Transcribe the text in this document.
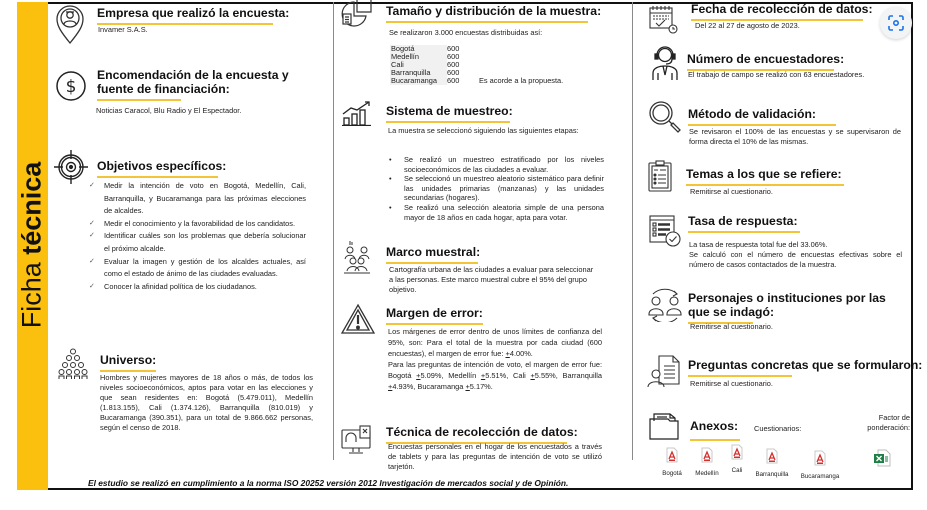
Ficha técnica
Empresa que realizó la encuesta:
Invamer S.A.S.
$
Encomendación de la encuesta y fuente de financiación:
Noticias Caracol, Blu Radio y El Espectador.
Objetivos específicos:
✓ Medir la intención de voto en Bogotá, Medellín, Cali, Barranquilla, y Bucaramanga para las próximas elecciones de alcaldes.
✓ Medir el conocimiento y la favorabilidad de los candidatos.
✓ Identificar cuáles son los problemas que debería solucionar el próximo alcalde.
✓ Evaluar la imagen y gestión de los alcaldes actuales, así como el estado de ánimo de las ciudades evaluadas.
✓ Conocer la afinidad política de los ciudadanos.
Universo:
Hombres y mujeres mayores de 18 años o más, de todos los niveles socioeconómicos, aptos para votar en las elecciones y que sean residentes en: Bogotá (5.479.011), Medellín (1.813.155), Cali (1.374.126), Barranquilla (810.019) y Bucaramanga (390.351), para un total de 9.866.662 personas, según el censo de 2018.
Tamaño y distribución de la muestra:
Se realizaron 3.000 encuestas distribuidas así:
Bogotá	600	
Medellín	600	
Cali	600	
Barranquilla	600	
Bucaramanga	600	Es acorde a la propuesta.
Sistema de muestreo:
La muestra se seleccionó siguiendo las siguientes etapas:
• Se realizó un muestreo estratificado por los niveles socioeconómicos de las ciudades a evaluar.
• Se seleccionó un muestreo aleatorio sistemático para definir las unidades primarias (manzanas) y las unidades secundarias (hogares).
• Se realizó una selección aleatoria simple de una persona mayor de 18 años en cada hogar, apta para votar.
Marco muestral:
Cartografía urbana de las ciudades a evaluar para seleccionar a las personas. Este marco muestral cubre el 95% del grupo objetivo.
Margen de error:
Los márgenes de error dentro de unos límites de confianza del 95%, son: Para el total de la muestra por cada ciudad (600 encuestas), el margen de error fue: +4.00%.
Para las preguntas de intención de voto, el margen de error fue: Bogotá +5.09%, Medellín +5.51%, Cali +5.55%, Barranquilla +4.93%, Bucaramanga +5.17%.
Técnica de recolección de datos:
Encuestas personales en el hogar de los encuestados a través de tablets y para las preguntas de intención de voto se utilizó tarjetón.
Fecha de recolección de datos:
Del 22 al 27 de agosto de 2023.
Número de encuestadores:
El trabajo de campo se realizó con 63 encuestadores.
Método de validación:
Se revisaron el 100% de las encuestas y se supervisaron de forma directa el 10% de las mismas.
Temas a los que se refiere:
Remitirse al cuestionario.
Tasa de respuesta:
La tasa de respuesta total fue del 33.06%.
Se calculó con el número de encuestas efectivas sobre el número de casos contactados de la muestra.
Personajes o instituciones por las que se indagó:
Remitirse al cuestionario.
Preguntas concretas que se formularon:
Remitirse al cuestionario.
Anexos:	Cuestionarios:
Factor de ponderación:
Bogotá	Medellín	Cali
Barranquilla	Bucaramanga
El estudio se realizó en cumplimiento a la norma ISO 20252 versión 2012 Investigación de mercados social y de Opinión.
